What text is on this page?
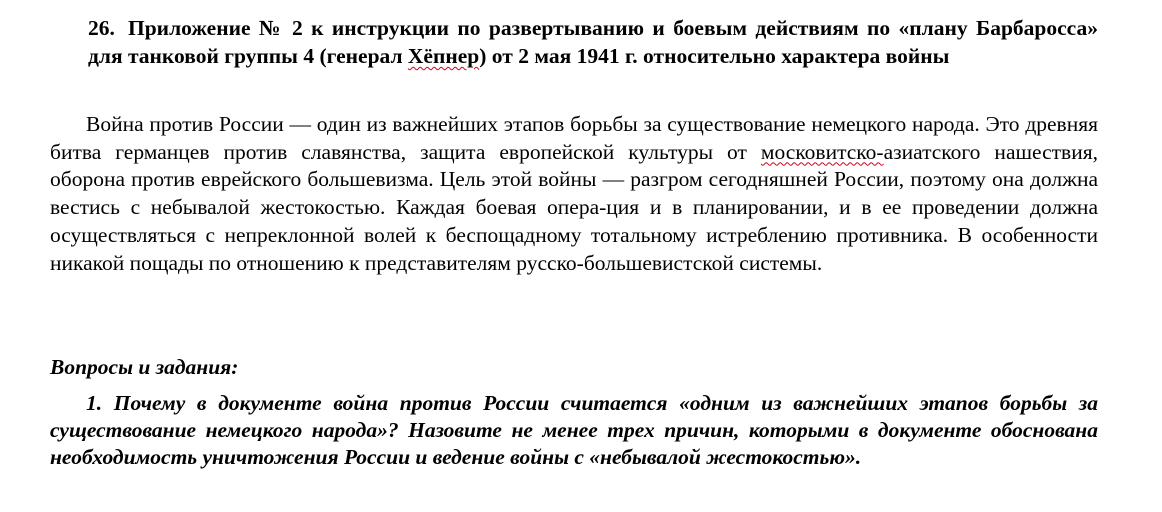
26. Приложение № 2 к инструкции по развертыванию и боевым действиям по «плану Барбаросса» для танковой группы 4 (генерал Хёпнер) от 2 мая 1941 г. относительно характера войны
Война против России — один из важнейших этапов борьбы за существование немецкого народа. Это древняя битва германцев против славянства, защита европейской культуры от московитско-азиатского нашествия, оборона против еврейского большевизма. Цель этой войны — разгром сегодняшней России, поэтому она должна вестись с небывалой жестокостью. Каждая боевая опера-ция и в планировании, и в ее проведении должна осуществляться с непреклонной волей к беспощадному тотальному истреблению противника. В особенности никакой пощады по отношению к представителям русско-большевистской системы.
Вопросы и задания:
1. Почему в документе война против России считается «одним из важнейших этапов борьбы за существование немецкого народа»? Назовите не менее трех причин, которыми в документе обоснована необходимость уничтожения России и ведение войны с «небывалой жестокостью».
